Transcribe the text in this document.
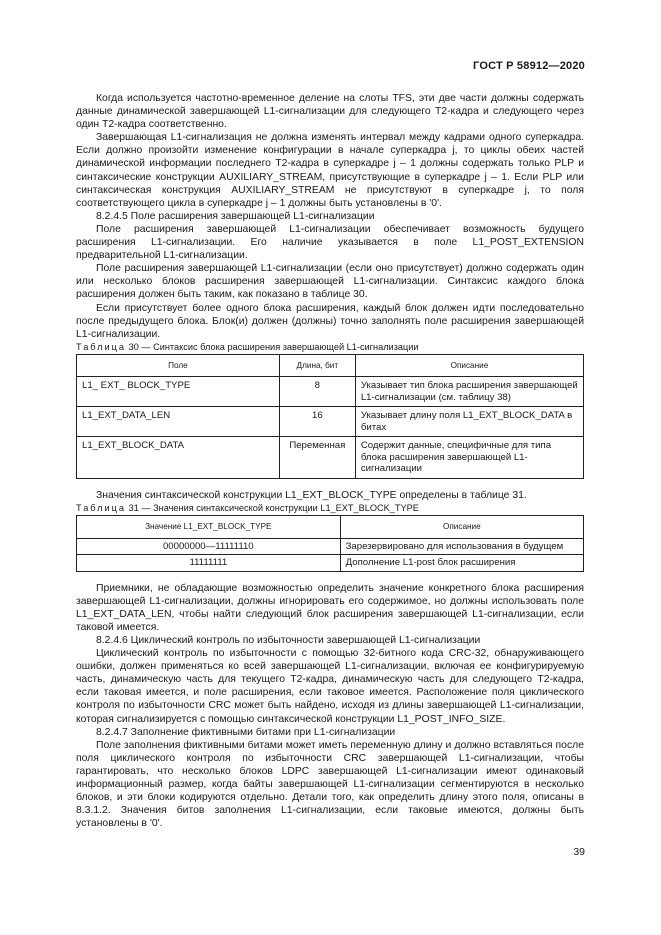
ГОСТ Р 58912—2020

Когда используется частотно-временное деление на слоты TFS, эти две части должны содержать данные динамической завершающей L1-сигнализации для следующего T2-кадра и следующего через один T2-кадра соответственно.

Завершающая L1-сигнализация не должна изменять интервал между кадрами одного суперкадра. Если должно произойти изменение конфигурации в начале суперкадра j, то циклы обеих частей динамической информации последнего T2-кадра в суперкадре j – 1 должны содержать только PLP и синтаксические конструкции AUXILIARY_STREAM, присутствующие в суперкадре j – 1. Если PLP или синтаксическая конструкция AUXILIARY_STREAM не присутствуют в суперкадре j, то поля соответствующего цикла в суперкадре j – 1 должны быть установлены в '0'.

8.2.4.5 Поле расширения завершающей L1-сигнализации

Поле расширения завершающей L1-сигнализации обеспечивает возможность будущего расширения L1-сигнализации. Его наличие указывается в поле L1_POST_EXTENSION предварительной L1-сигнализации.

Поле расширения завершающей L1-сигнализации (если оно присутствует) должно содержать один или несколько блоков расширения завершающей L1-сигнализации. Синтаксис каждого блока расширения должен быть таким, как показано в таблице 30.

Если присутствует более одного блока расширения, каждый блок должен идти последовательно после предыдущего блока. Блок(и) должен (должны) точно заполнять поле расширения завершающей L1-сигнализации.

Таблица 30 — Синтаксис блока расширения завершающей L1-сигнализации

Поле	Длина, бит	Описание
L1_ EXT_ BLOCK_TYPE	8	Указывает тип блока расширения завершающей L1-сигнализации (см. таблицу 38)
L1_EXT_DATA_LEN	16	Указывает длину поля L1_EXT_BLOCK_DATA в битах
L1_EXT_BLOCK_DATA	Переменная	Содержит данные, специфичные для типа блока расширения завершающей L1-сигнализации

Значения синтаксической конструкции L1_EXT_BLOCK_TYPE определены в таблице 31.

Таблица 31 — Значения синтаксической конструкции L1_EXT_BLOCK_TYPE

Значение L1_EXT_BLOCK_TYPE	Описание
00000000—11111110	Зарезервировано для использования в будущем
11111111	Дополнение L1-post блок расширения

Приемники, не обладающие возможностью определить значение конкретного блока расширения завершающей L1-сигнализации, должны игнорировать его содержимое, но должны использовать поле L1_EXT_DATA_LEN, чтобы найти следующий блок расширения завершающей L1-сигнализации, если таковой имеется.

8.2.4.6 Циклический контроль по избыточности завершающей L1-сигнализации

Циклический контроль по избыточности с помощью 32-битного кода CRC-32, обнаруживающего ошибки, должен применяться ко всей завершающей L1-сигнализации, включая ее конфигурируемую часть, динамическую часть для текущего T2-кадра, динамическую часть для следующего T2-кадра, если таковая имеется, и поле расширения, если таковое имеется. Расположение поля циклического контроля по избыточности CRC может быть найдено, исходя из длины завершающей L1-сигнализации, которая сигнализируется с помощью синтаксической конструкции L1_POST_INFO_SIZE.

8.2.4.7 Заполнение фиктивными битами при L1-сигнализации

Поле заполнения фиктивными битами может иметь переменную длину и должно вставляться после поля циклического контроля по избыточности CRC завершающей L1-сигнализации, чтобы гарантировать, что несколько блоков LDPC завершающей L1-сигнализации имеют одинаковый информационный размер, когда байты завершающей L1-сигнализации сегментируются в несколько блоков, и эти блоки кодируются отдельно. Детали того, как определить длину этого поля, описаны в 8.3.1.2. Значения битов заполнения L1-сигнализации, если таковые имеются, должны быть установлены в '0'.

39
